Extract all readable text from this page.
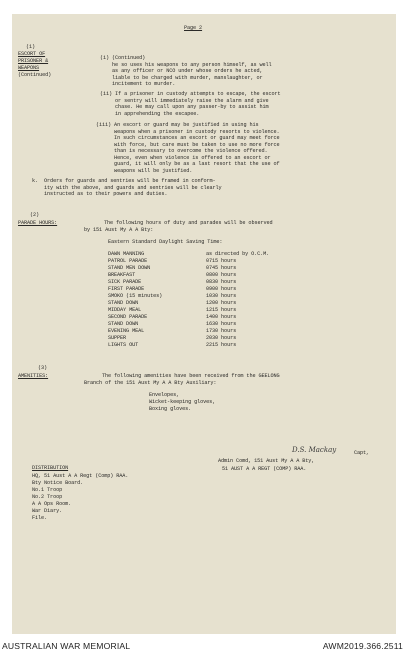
Page 2
(1)
ESCORT OF
PRISONER &
WEAPONS
(Continued)
(i) (Continued)
he so uses his weapons to any person himself, as well
as any officer or NCO under whose orders he acted,
liable to be charged with murder, manslaughter, or
incitement to murder.
(ii) If a prisoner in custody attempts to escape, the escort
or sentry will immediately raise the alarm and give
chase. He may call upon any passer-by to assist him
in apprehending the escapee.
(iii) An escort or guard may be justified in using his
weapons when a prisoner in custody resorts to violence.
In such circumstances an escort or guard may meet force
with force, but care must be taken to use no more force
than is necessary to overcome the violence offered.
Hence, even when violence is offered to an escort or
guard, it will only be as a last resort that the use of
weapons will be justified.
k.  Orders for guards and sentries will be framed in conform-
ity with the above, and guards and sentries will be clearly
instructed as to their powers and duties.
(2)
PARADE HOURS:	The following hours of duty and parades will be observed
by 151 Aust My A A Bty:
Eastern Standard Daylight Saving Time:
DAWN MANNING	as directed by O.C.M.
PATROL PARADE	0715 hours
STAND MEN DOWN	0745 hours
BREAKFAST	0800 hours
SICK PARADE	0830 hours
FIRST PARADE	0900 hours
SMOKO (15 minutes)	1030 hours
STAND DOWN	1200 hours
MIDDAY MEAL	1215 hours
SECOND PARADE	1400 hours
STAND DOWN	1630 hours
EVENING MEAL	1730 hours
SUPPER	2030 hours
LIGHTS OUT	2215 hours
(3)
AMENITIES:	The following amenities have been received from the GEELONG
Branch of the 151 Aust My A A Bty Auxiliary:
Envelopes,
Wicket-keeping gloves,
Boxing gloves.
Capt,
Admin Comd, 151 Aust My A A Bty,
51 AUST A A REGT (COMP) RAA.
DISTRIBUTION
HQ, 51 Aust A A Regt (Comp) RAA.
Bty Notice Board.
No.1 Troop
No.2 Troop
A A Ops Room.
War Diary.
File.
D.S. Mackay
AUSTRALIAN WAR MEMORIAL	AWM2019.366.2511
